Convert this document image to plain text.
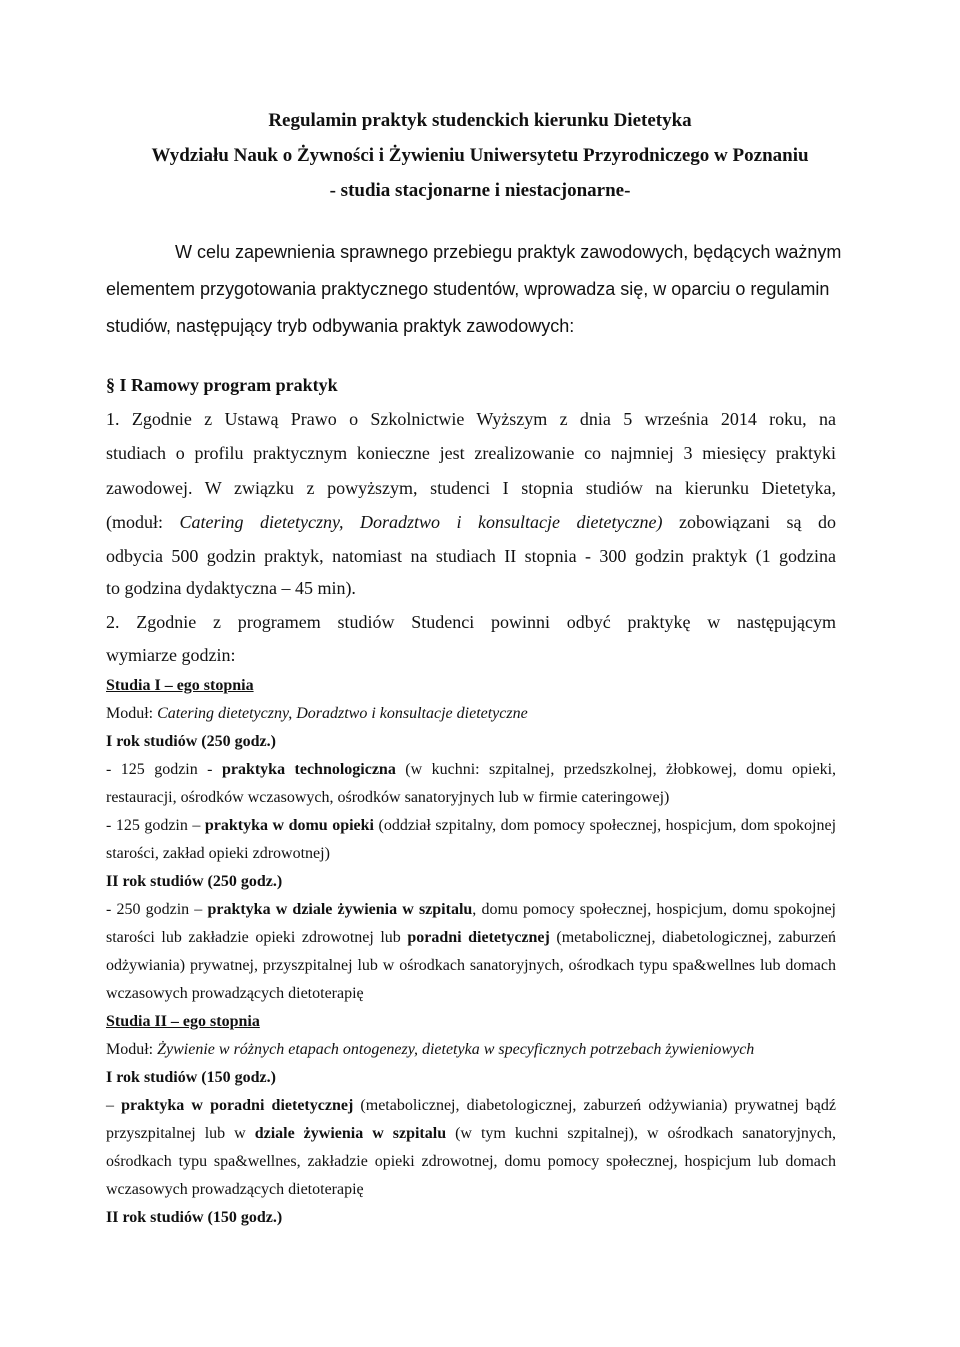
Regulamin praktyk studenckich kierunku Dietetyka
Wydziału Nauk o Żywności i Żywieniu Uniwersytetu Przyrodniczego w Poznaniu
- studia stacjonarne i niestacjonarne-
W celu zapewnienia sprawnego przebiegu praktyk zawodowych, będących ważnym
elementem przygotowania praktycznego studentów, wprowadza się, w oparciu o regulamin
studiów, następujący tryb odbywania praktyk zawodowych:
§ I Ramowy program praktyk
1. Zgodnie z Ustawą Prawo o Szkolnictwie Wyższym z dnia 5 września 2014 roku, na
studiach o profilu praktycznym konieczne jest zrealizowanie co najmniej 3 miesięcy praktyki
zawodowej. W związku z powyższym, studenci I stopnia studiów na kierunku Dietetyka,
(moduł: Catering dietetyczny, Doradztwo i konsultacje dietetyczne) zobowiązani są do
odbycia 500 godzin praktyk, natomiast na studiach II stopnia - 300 godzin praktyk (1 godzina
to godzina dydaktyczna – 45 min).
2. Zgodnie z programem studiów Studenci powinni odbyć praktykę w następującym
wymiarze godzin:
Studia I – ego stopnia
Moduł: Catering dietetyczny, Doradztwo i konsultacje dietetyczne
I rok studiów (250 godz.)
- 125 godzin - praktyka technologiczna (w kuchni: szpitalnej, przedszkolnej, żłobkowej, domu opieki,
restauracji, ośrodków wczasowych, ośrodków sanatoryjnych lub w firmie cateringowej)
- 125 godzin – praktyka w domu opieki (oddział szpitalny, dom pomocy społecznej, hospicjum, dom spokojnej
starości, zakład opieki zdrowotnej)
II rok studiów (250 godz.)
- 250 godzin – praktyka w dziale żywienia w szpitalu, domu pomocy społecznej, hospicjum, domu spokojnej
starości lub zakładzie opieki zdrowotnej lub poradni dietetycznej (metabolicznej, diabetologicznej, zaburzeń
odżywiania) prywatnej, przyszpitalnej lub w ośrodkach sanatoryjnych, ośrodkach typu spa&wellnes lub domach
wczasowych prowadzących dietoterapię
Studia II – ego stopnia
Moduł: Żywienie w różnych etapach ontogenezy, dietetyka w specyficznych potrzebach żywieniowych
I rok studiów (150 godz.)
– praktyka w poradni dietetycznej (metabolicznej, diabetologicznej, zaburzeń odżywiania) prywatnej bądź
przyszpitalnej lub w dziale żywienia w szpitalu (w tym kuchni szpitalnej), w ośrodkach sanatoryjnych,
ośrodkach typu spa&wellnes, zakładzie opieki zdrowotnej, domu pomocy społecznej, hospicjum lub domach
wczasowych prowadzących dietoterapię
II rok studiów (150 godz.)
